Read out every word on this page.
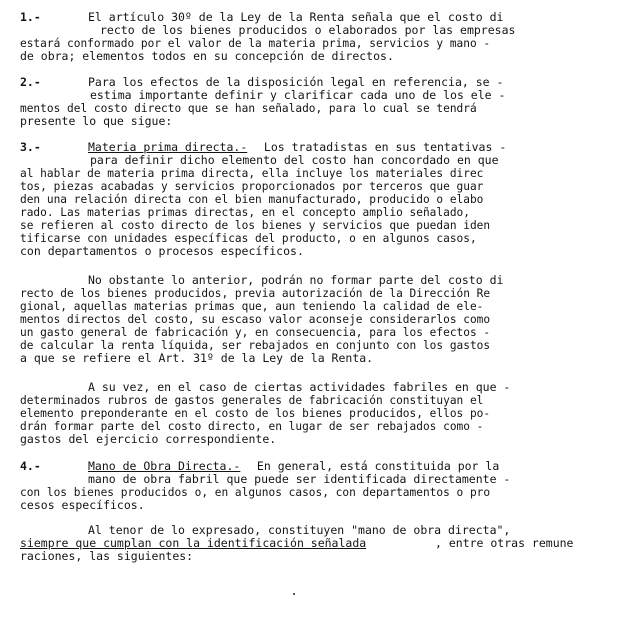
1.-	El artículo 30º de la Ley de la Renta señala que el costo di
recto de los bienes producidos o elaborados por las empresas
estará conformado por el valor de la materia prima, servicios y mano -
de obra; elementos todos en su concepción de directos.
2.-	Para los efectos de la disposición legal en referencia, se -
estima importante definir y clarificar cada uno de los ele -
mentos del costo directo que se han señalado, para lo cual se tendrá
presente lo que sigue:
3.-	Materia prima directa.- Los tratadistas en sus tentativas -
para definir dicho elemento del costo han concordado en que
al hablar de materia prima directa, ella incluye los materiales direc
tos, piezas acabadas y servicios proporcionados por terceros que guar
den una relación directa con el bien manufacturado, producido o elabo
rado. Las materias primas directas, en el concepto amplio señalado,
se refieren al costo directo de los bienes y servicios que puedan iden
tificarse con unidades específicas del producto, o en algunos casos,
con departamentos o procesos específicos.
No obstante lo anterior, podrán no formar parte del costo di
recto de los bienes producidos, previa autorización de la Dirección Re
gional, aquellas materias primas que, aun teniendo la calidad de ele-
mentos directos del costo, su escaso valor aconseje considerarlos como
un gasto general de fabricación y, en consecuencia, para los efectos -
de calcular la renta líquida, ser rebajados en conjunto con los gastos
a que se refiere el Art. 31º de la Ley de la Renta.
A su vez, en el caso de ciertas actividades fabriles en que -
determinados rubros de gastos generales de fabricación constituyan el
elemento preponderante en el costo de los bienes producidos, ellos po-
drán formar parte del costo directo, en lugar de ser rebajados como -
gastos del ejercicio correspondiente.
4.-	Mano de Obra Directa.- En general, está constituida por la
mano de obra fabril que puede ser identificada directamente -
con los bienes producidos o, en algunos casos, con departamentos o pro
cesos específicos.
Al tenor de lo expresado, constituyen "mano de obra directa",
siempre que cumplan con la identificación señalada	, entre otras remune
raciones, las siguientes:
